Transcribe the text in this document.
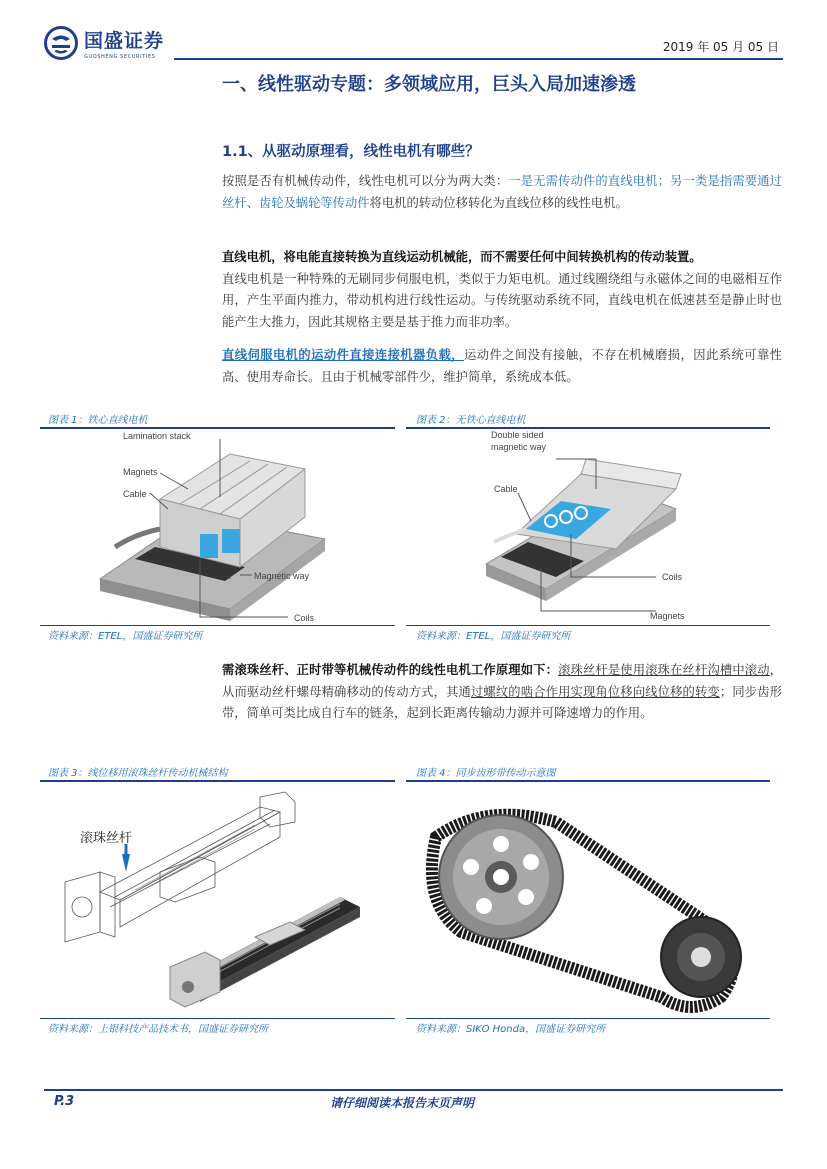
国盛证券
GUOSHENG SECURITIES
2019 年 05 月 05 日
一、线性驱动专题：多领域应用，巨头入局加速渗透
1.1、从驱动原理看，线性电机有哪些？
按照是否有机械传动件，线性电机可以分为两大类：一是无需传动件的直线电机；另一类是指需要通过丝杆、齿轮及蜗轮等传动件将电机的转动位移转化为直线位移的线性电机。
直线电机，将电能直接转换为直线运动机械能，而不需要任何中间转换机构的传动装置。
直线电机是一种特殊的无刷同步伺服电机，类似于力矩电机。通过线圈绕组与永磁体之间的电磁相互作用，产生平面内推力，带动机构进行线性运动。与传统驱动系统不同，直线电机在低速甚至是静止时也能产生大推力，因此其规格主要是基于推力而非功率。
直线伺服电机的运动件直接连接机器负载，运动件之间没有接触，不存在机械磨损，因此系统可靠性高、使用寿命长。且由于机械零部件少，维护简单，系统成本低。
图表 1：铁心直线电机
Lamination stack
Magnets
Cable
Magnetic way
Coils
资料来源：ETEL，国盛证券研究所
图表 2：无铁心直线电机
Double sided
magnetic way
Cable
Coils
Magnets
资料来源：ETEL，国盛证券研究所
需滚珠丝杆、正时带等机械传动件的线性电机工作原理如下：滚珠丝杆是使用滚珠在丝杆沟槽中滚动，从而驱动丝杆螺母精确移动的传动方式，其通过螺纹的啮合作用实现角位移向线位移的转变；同步齿形带，简单可类比成自行车的链条，起到长距离传输动力源并可降速增力的作用。
图表 3：线位移用滚珠丝杆传动机械结构
滚珠丝杆
资料来源：上银科技产品技术书，国盛证券研究所
图表 4：同步齿形带传动示意图
资料来源：SIKO Honda，国盛证券研究所
P.3	请仔细阅读本报告末页声明
